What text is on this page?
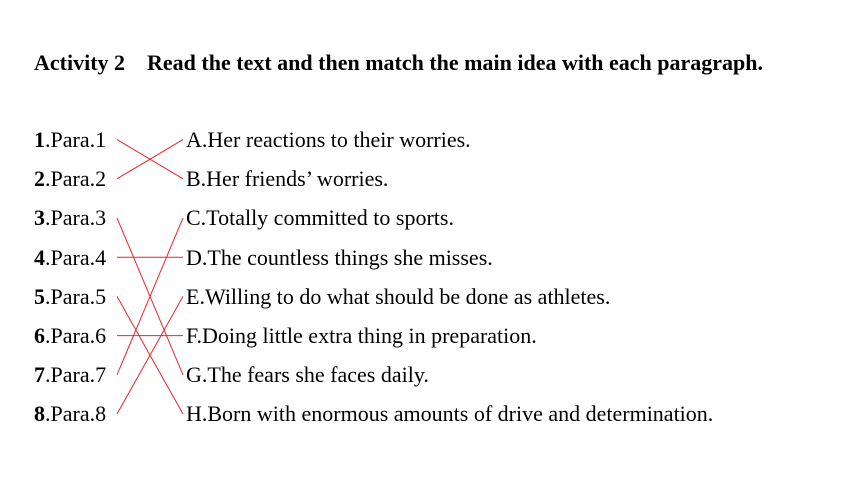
Activity 2    Read the text and then match the main idea with each paragraph.
1.Para.1
2.Para.2
3.Para.3
4.Para.4
5.Para.5
6.Para.6
7.Para.7
8.Para.8
A.Her reactions to their worries.
B.Her friends’ worries.
C.Totally committed to sports.
D.The countless things she misses.
E.Willing to do what should be done as athletes.
F.Doing little extra thing in preparation.
G.The fears she faces daily.
H.Born with enormous amounts of drive and determination.
